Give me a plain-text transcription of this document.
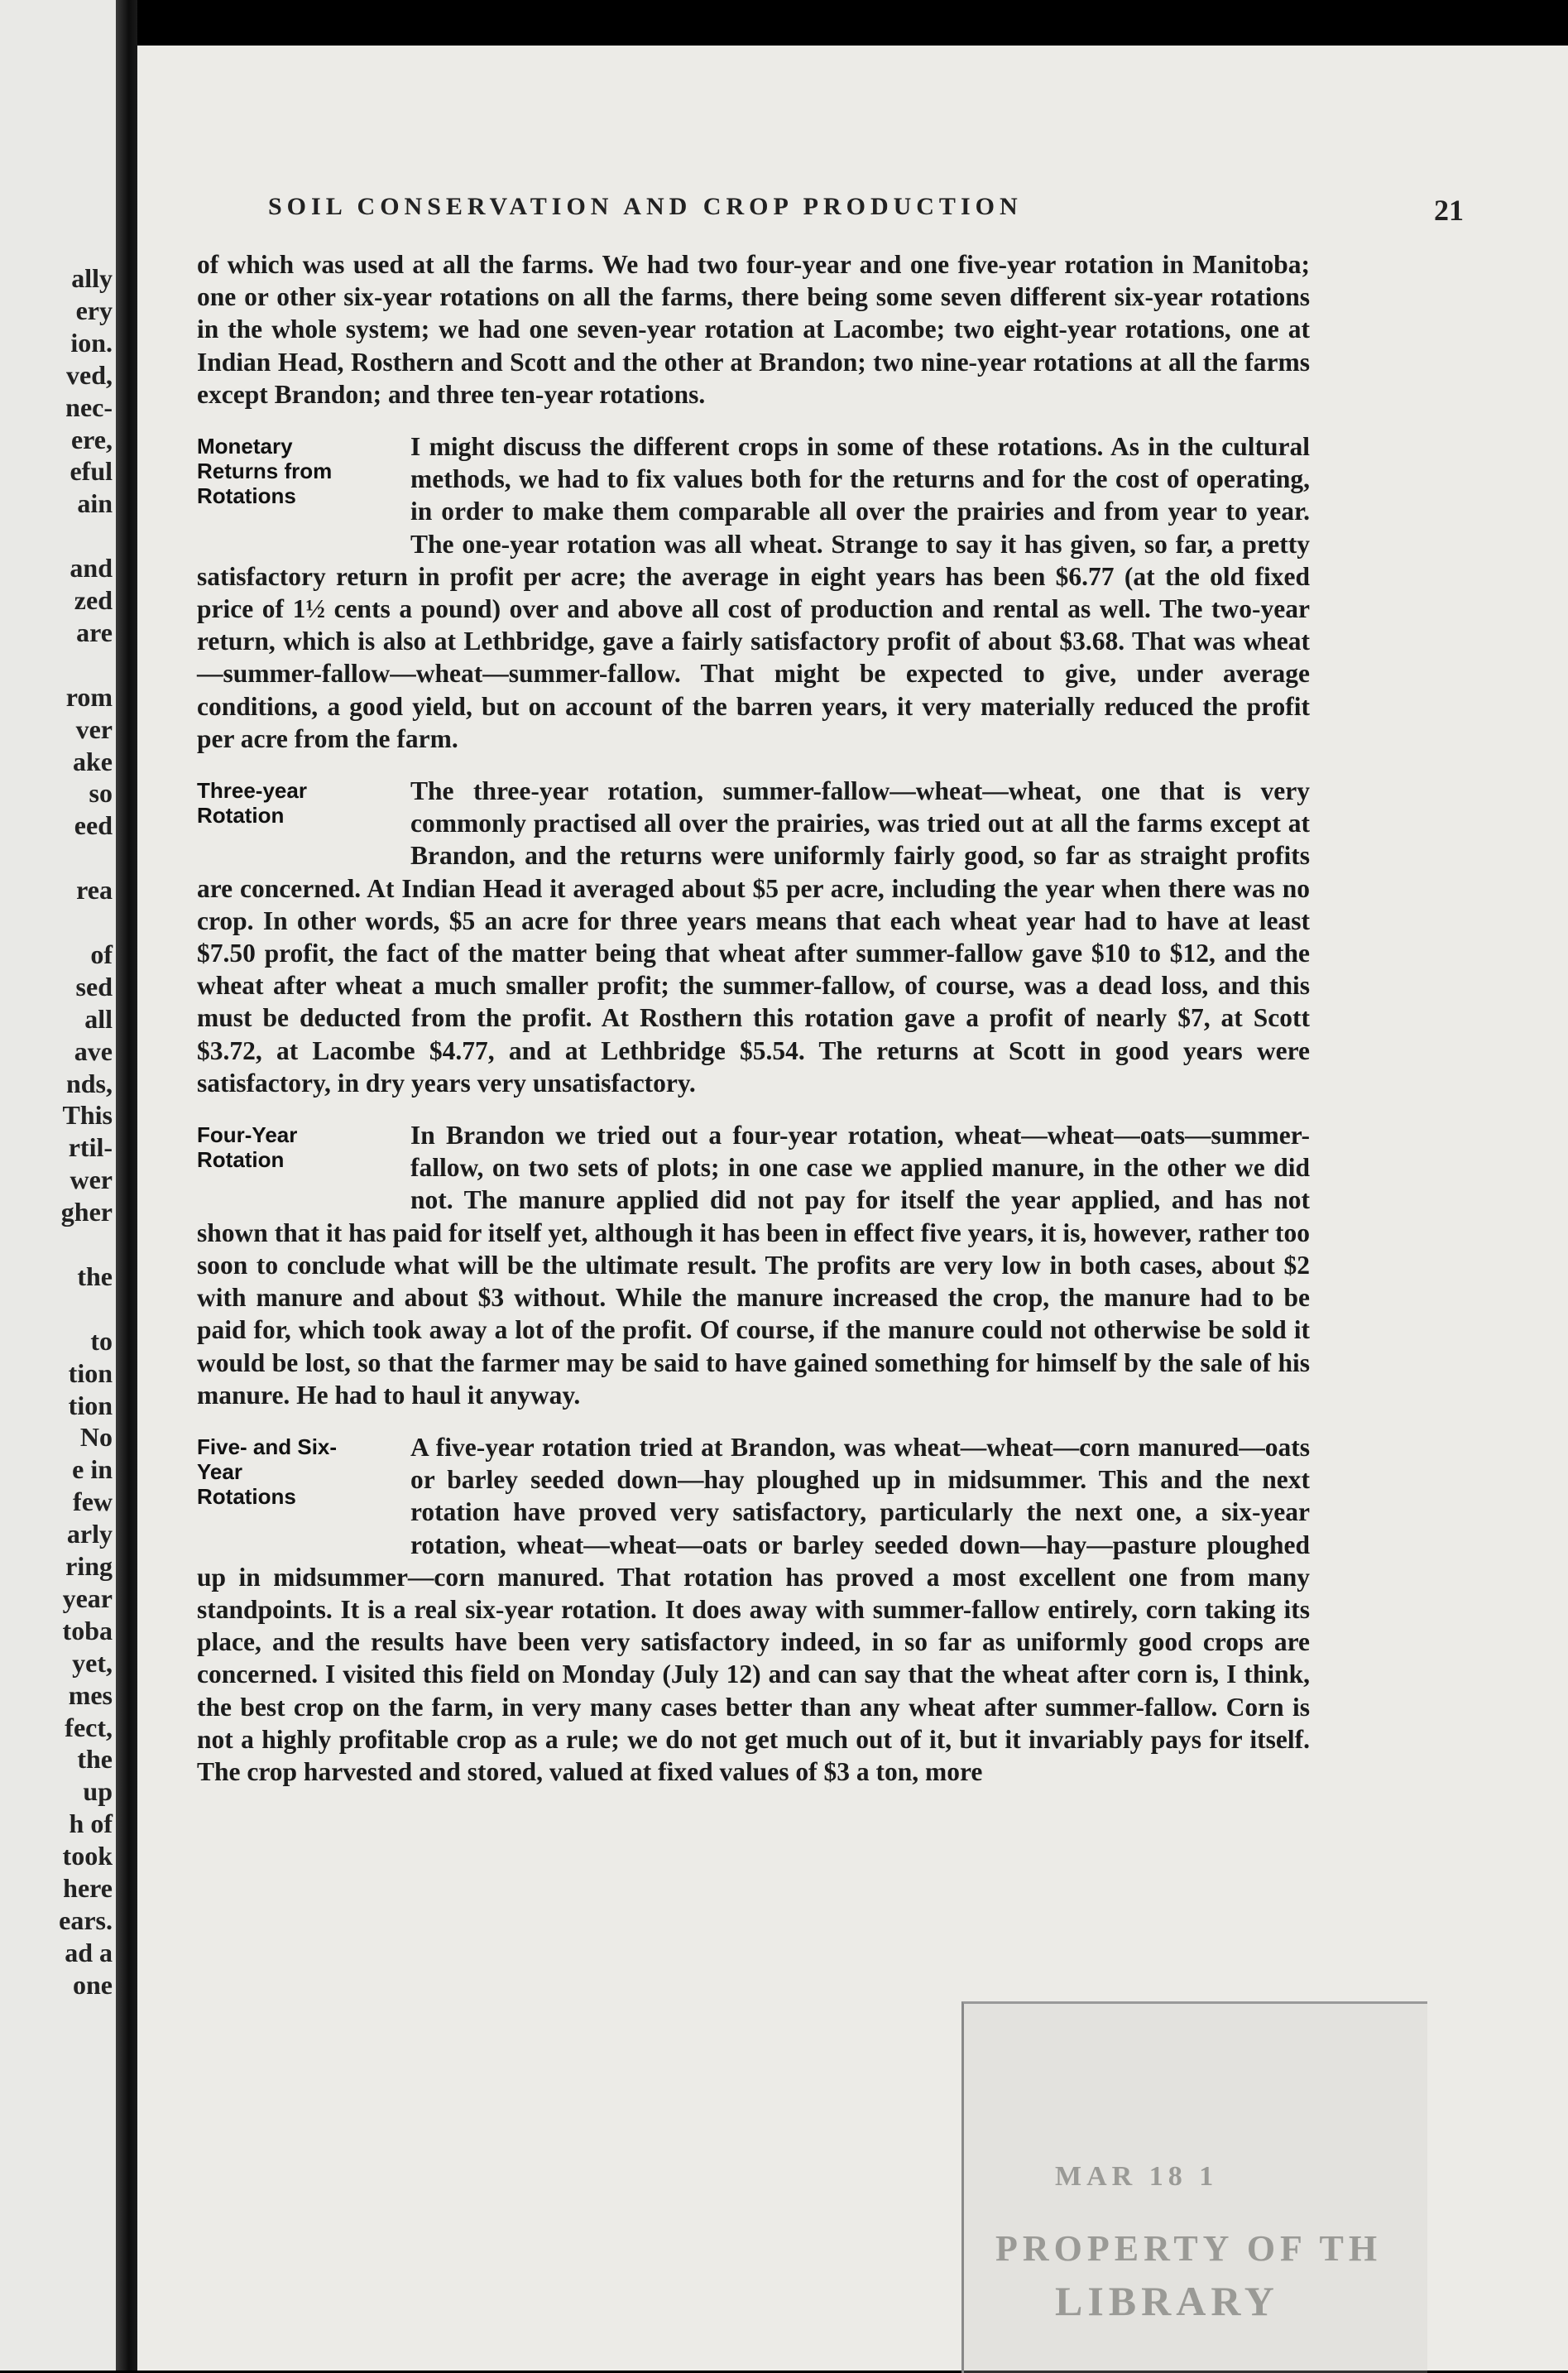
ally
ery
ion.
ved,
nec-
ere,
eful
ain
and
zed
are
rom
ver
ake
so
eed
rea
of
sed
all
ave
nds,
This
rtil-
wer
gher
the
to
tion
tion
No
e in
few
arly
ring
year
toba
yet,
mes
fect,
the
up
h of
took
here
ears.
ad a
one
SOIL CONSERVATION AND CROP PRODUCTION	21

of which was used at all the farms. We had two four-year and one five-year rotation in Manitoba; one or other six-year rotations on all the farms, there being some seven different six-year rotations in the whole system; we had one seven-year rotation at Lacombe; two eight-year rotations, one at Indian Head, Rosthern and Scott and the other at Brandon; two nine-year rotations at all the farms except Brandon; and three ten-year rotations.

Monetary
Returns from
Rotations

I might discuss the different crops in some of these rotations. As in the cultural methods, we had to fix values both for the returns and for the cost of operating, in order to make them comparable all over the prairies and from year to year. The one-year rotation was all wheat. Strange to say it has given, so far, a pretty satisfactory return in profit per acre; the average in eight years has been $6.77 (at the old fixed price of 1½ cents a pound) over and above all cost of production and rental as well. The two-year return, which is also at Lethbridge, gave a fairly satisfactory profit of about $3.68. That was wheat—summer-fallow—wheat—summer-fallow. That might be expected to give, under average conditions, a good yield, but on account of the barren years, it very materially reduced the profit per acre from the farm.

Three-year
Rotation

The three-year rotation, summer-fallow—wheat—wheat, one that is very commonly practised all over the prairies, was tried out at all the farms except at Brandon, and the returns were uniformly fairly good, so far as straight profits are concerned. At Indian Head it averaged about $5 per acre, including the year when there was no crop. In other words, $5 an acre for three years means that each wheat year had to have at least $7.50 profit, the fact of the matter being that wheat after summer-fallow gave $10 to $12, and the wheat after wheat a much smaller profit; the summer-fallow, of course, was a dead loss, and this must be deducted from the profit. At Rosthern this rotation gave a profit of nearly $7, at Scott $3.72, at Lacombe $4.77, and at Lethbridge $5.54. The returns at Scott in good years were satisfactory, in dry years very unsatisfactory.

Four-Year
Rotation

In Brandon we tried out a four-year rotation, wheat—wheat—oats—summer-fallow, on two sets of plots; in one case we applied manure, in the other we did not. The manure applied did not pay for itself the year applied, and has not shown that it has paid for itself yet, although it has been in effect five years, it is, however, rather too soon to conclude what will be the ultimate result. The profits are very low in both cases, about $2 with manure and about $3 without. While the manure increased the crop, the manure had to be paid for, which took away a lot of the profit. Of course, if the manure could not otherwise be sold it would be lost, so that the farmer may be said to have gained something for himself by the sale of his manure. He had to haul it anyway.

Five- and Six-
Year
Rotations

A five-year rotation tried at Brandon, was wheat—wheat—corn manured—oats or barley seeded down—hay ploughed up in midsummer. This and the next rotation have proved very satisfactory, particularly the next one, a six-year rotation, wheat—wheat—oats or barley seeded down—hay—pasture ploughed up in midsummer—corn manured. That rotation has proved a most excellent one from many standpoints. It is a real six-year rotation. It does away with summer-fallow entirely, corn taking its place, and the results have been very satisfactory indeed, in so far as uniformly good crops are concerned. I visited this field on Monday (July 12) and can say that the wheat after corn is, I think, the best crop on the farm, in very many cases better than any wheat after summer-fallow. Corn is not a highly profitable crop as a rule; we do not get much out of it, but it invariably pays for itself. The crop harvested and stored, valued at fixed values of $3 a ton, more

MAR 18 1
PROPERTY OF TH
LIBRARY
